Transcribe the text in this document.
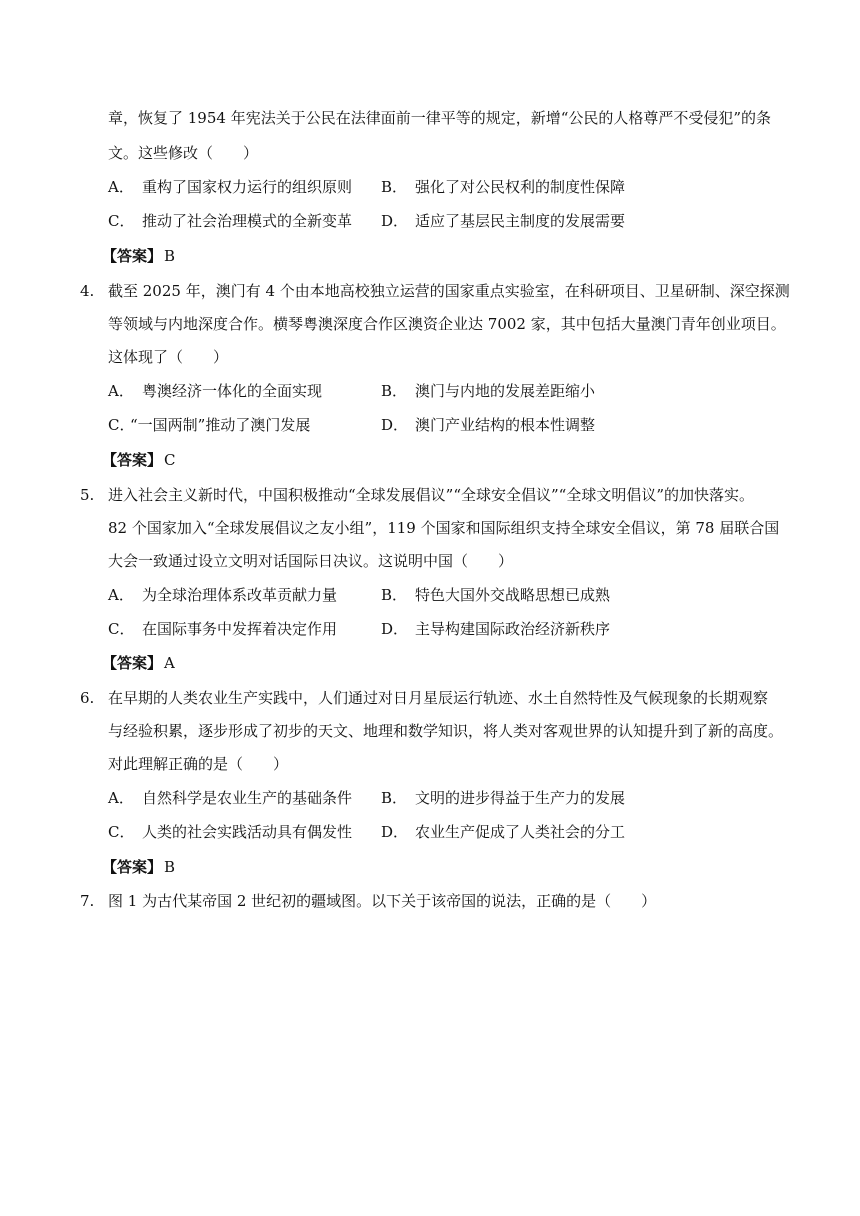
章，恢复了 1954 年宪法关于公民在法律面前一律平等的规定，新增“公民的人格尊严不受侵犯”的条
文。这些修改（　　）
A． 重构了国家权力运行的组织原则 B． 强化了对公民权利的制度性保障
C． 推动了社会治理模式的全新变革 D． 适应了基层民主制度的发展需要
【答案】 B
4. 截至 2025 年，澳门有 4 个由本地高校独立运营的国家重点实验室，在科研项目、卫星研制、深空探测
等领域与内地深度合作。横琴粤澳深度合作区澳资企业达 7002 家，其中包括大量澳门青年创业项目。
这体现了（　　）
A． 粤澳经济一体化的全面实现	B． 澳门与内地的发展差距缩小
C．“一国两制”推动了澳门发展	D． 澳门产业结构的根本性调整
【答案】 C
5. 进入社会主义新时代，中国积极推动“全球发展倡议”“全球安全倡议”“全球文明倡议”的加快落实。
82 个国家加入“全球发展倡议之友小组”，119 个国家和国际组织支持全球安全倡议，第 78 届联合国
大会一致通过设立文明对话国际日决议。这说明中国（　　）
A． 为全球治理体系改革贡献力量	B． 特色大国外交战略思想已成熟
C． 在国际事务中发挥着决定作用	D． 主导构建国际政治经济新秩序
【答案】 A
6. 在早期的人类农业生产实践中，人们通过对日月星辰运行轨迹、水土自然特性及气候现象的长期观察
与经验积累，逐步形成了初步的天文、地理和数学知识，将人类对客观世界的认知提升到了新的高度。
对此理解正确的是（　　）
A． 自然科学是农业生产的基础条件 B． 文明的进步得益于生产力的发展
C． 人类的社会实践活动具有偶发性 D． 农业生产促成了人类社会的分工
【答案】 B
7. 图 1 为古代某帝国 2 世纪初的疆域图。以下关于该帝国的说法，正确的是（　　）
